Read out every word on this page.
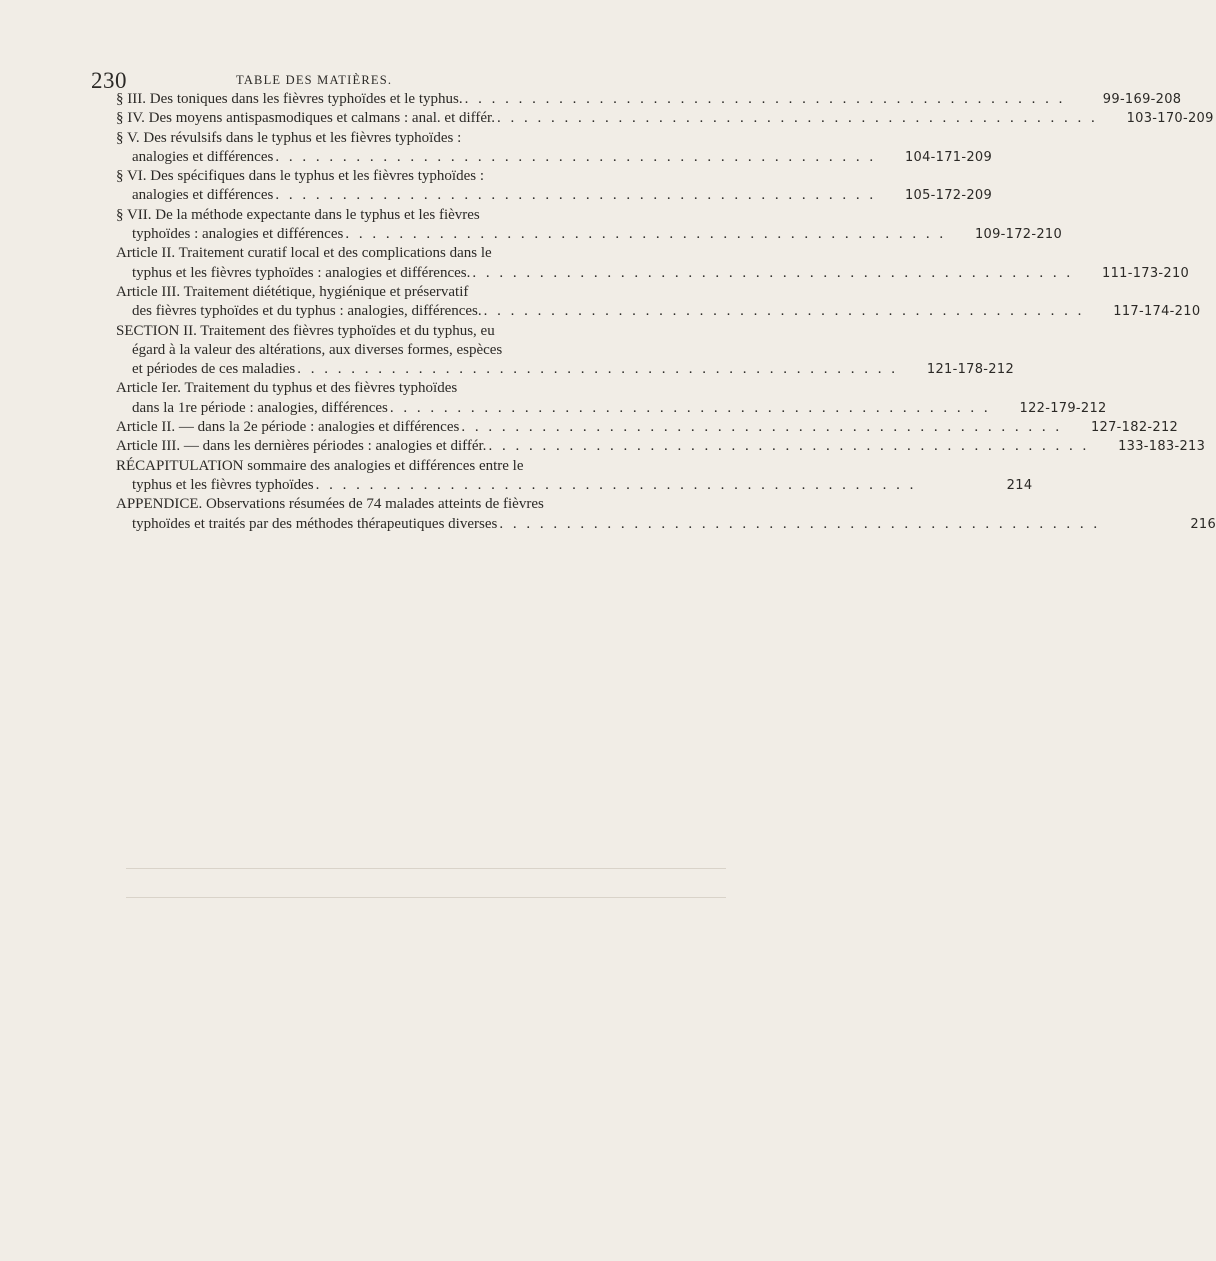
230	TABLE DES MATIÈRES.
§ III. Des toniques dans les fièvres typhoïdes et le typhus. . . . . . . . . . . . . . . . . . . . . . . . . . . . . . . . . . . . . . . . . . . . . .	99-169-208
§ IV. Des moyens antispasmodiques et calmans : anal. et différ. . . . . . . . . . . . . . . . . . . . . . . . . . . . . . . . . . . . . . . . . . . . . .	103-170-209
§ V. Des révulsifs dans le typhus et les fièvres typhoïdes :
analogies et différences . . . . . . . . . . . . . . . . . . . . . . . . . . . . . . . . . . . . . . . . . . . . .	104-171-209
§ VI. Des spécifiques dans le typhus et les fièvres typhoïdes :
analogies et différences . . . . . . . . . . . . . . . . . . . . . . . . . . . . . . . . . . . . . . . . . . . . .	105-172-209
§ VII. De la méthode expectante dans le typhus et les fièvres
typhoïdes : analogies et différences . . . . . . . . . . . . . . . . . . . . . . . . . . . . . . . . . . . . . . . . . . . . .	109-172-210
Article II. Traitement curatif local et des complications dans le
typhus et les fièvres typhoïdes : analogies et différences. . . . . . . . . . . . . . . . . . . . . . . . . . . . . . . . . . . . . . . . . . . . . .	111-173-210
Article III. Traitement diététique, hygiénique et préservatif
des fièvres typhoïdes et du typhus : analogies, différences. . . . . . . . . . . . . . . . . . . . . . . . . . . . . . . . . . . . . . . . . . . . . .	117-174-210
SECTION II. Traitement des fièvres typhoïdes et du typhus, eu
égard à la valeur des altérations, aux diverses formes, espèces
et périodes de ces maladies . . . . . . . . . . . . . . . . . . . . . . . . . . . . . . . . . . . . . . . . . . . . .	121-178-212
Article Ier. Traitement du typhus et des fièvres typhoïdes
dans la 1re période : analogies, différences . . . . . . . . . . . . . . . . . . . . . . . . . . . . . . . . . . . . . . . . . . . . .	122-179-212
Article II. — dans la 2e période : analogies et différences . . . . . . . . . . . . . . . . . . . . . . . . . . . . . . . . . . . . . . . . . . . . .	127-182-212
Article III. — dans les dernières périodes : analogies et différ. . . . . . . . . . . . . . . . . . . . . . . . . . . . . . . . . . . . . . . . . . . . . .	133-183-213
RÉCAPITULATION sommaire des analogies et différences entre le
typhus et les fièvres typhoïdes . . . . . . . . . . . . . . . . . . . . . . . . . . . . . . . . . . . . . . . . . . . . .	214
APPENDICE. Observations résumées de 74 malades atteints de fièvres
typhoïdes et traités par des méthodes thérapeutiques diverses . . . . . . . . . . . . . . . . . . . . . . . . . . . . . . . . . . . . . . . . . . . . .	216
